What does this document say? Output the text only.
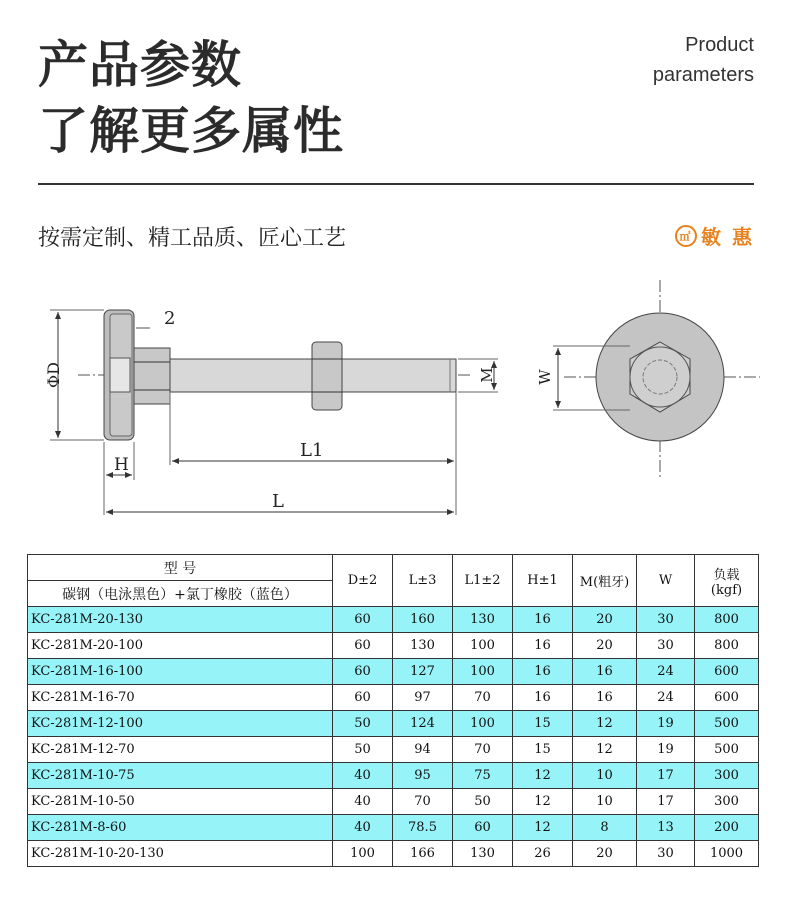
产品参数
了解更多属性
Product
parameters
按需定制、精工品质、匠心工艺	㎡ 敏 惠
ΦD
2
H
L1
L
M	W
型 号	D±2	L±3	L1±2	H±1	M(粗牙)	W	负载
(kgf)

碳钢（电泳黑色）+氯丁橡胶（蓝色）							
KC-281M-20-130	60	160	130	16	20	30	800
KC-281M-20-100	60	130	100	16	20	30	800
KC-281M-16-100	60	127	100	16	16	24	600
KC-281M-16-70	60	97	70	16	16	24	600
KC-281M-12-100	50	124	100	15	12	19	500
KC-281M-12-70	50	94	70	15	12	19	500
KC-281M-10-75	40	95	75	12	10	17	300
KC-281M-10-50	40	70	50	12	10	17	300
KC-281M-8-60	40	78.5	60	12	8	13	200
KC-281M-10-20-130	100	166	130	26	20	30	1000
